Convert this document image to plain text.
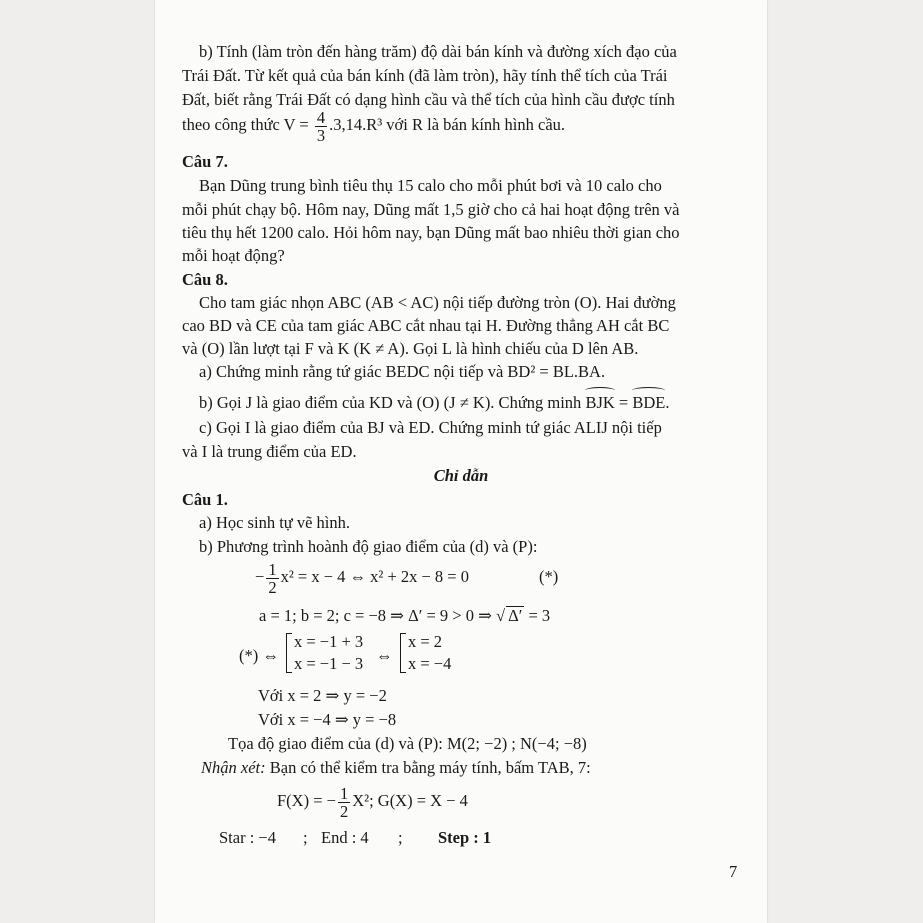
b) Tính (làm tròn đến hàng trăm) độ dài bán kính và đường xích đạo của
Trái Đất. Từ kết quả của bán kính (đã làm tròn), hãy tính thể tích của Trái
Đất, biết rằng Trái Đất có dạng hình cầu và thể tích của hình cầu được tính
theo công thức $V = \frac{4}{3} .3,14.R^3$ với R là bán kính hình cầu.
Câu 7.
Bạn Dũng trung bình tiêu thụ 15 calo cho mỗi phút bơi và 10 calo cho
mỗi phút chạy bộ. Hôm nay, Dũng mất 1,5 giờ cho cả hai hoạt động trên và
tiêu thụ hết 1200 calo. Hỏi hôm nay, bạn Dũng mất bao nhiêu thời gian cho
mỗi hoạt động?
Câu 8.
Cho tam giác nhọn ABC (AB < AC) nội tiếp đường tròn (O). Hai đường
cao BD và CE của tam giác ABC cắt nhau tại H. Đường thẳng AH cắt BC
và (O) lần lượt tại F và K (K ≠ A). Gọi L là hình chiếu của D lên AB.
a) Chứng minh rằng tứ giác BEDC nội tiếp và BD² = BL.BA.
b) Gọi J là giao điểm của KD và (O) (J ≠ K). Chứng minh BJK = BDE.
c) Gọi I là giao điểm của BJ và ED. Chứng minh tứ giác ALIJ nội tiếp
và I là trung điểm của ED.
Chỉ dẫn
Câu 1.
a) Học sinh tự vẽ hình.
b) Phương trình hoành độ giao điểm của (d) và (P):
− $\frac{1}{2} x^2 = x - 4$ ⇔ x² + 2x − 8 = 0	(*)
a = 1; b = 2; c = −8 ⇒ Δ′ = 9 > 0 ⇒ √ Δ′ = 3
(*) ⇔
x = −1 + 3
x = −1 − 3 ⇔
x = 2
x = −4
Với x = 2 ⇒ y = −2
Với x = −4 ⇒ y = −8
Tọa độ giao điểm của (d) và (P): M(2; −2) ; N(−4; −8)
Nhận xét: Bạn có thể kiểm tra bằng máy tính, bấm TAB, 7:
F(X) = − $\frac{1}{2} X^2$; G(X) = X − 4
Star : −4 ; End : 4 ; Step : 1
7
